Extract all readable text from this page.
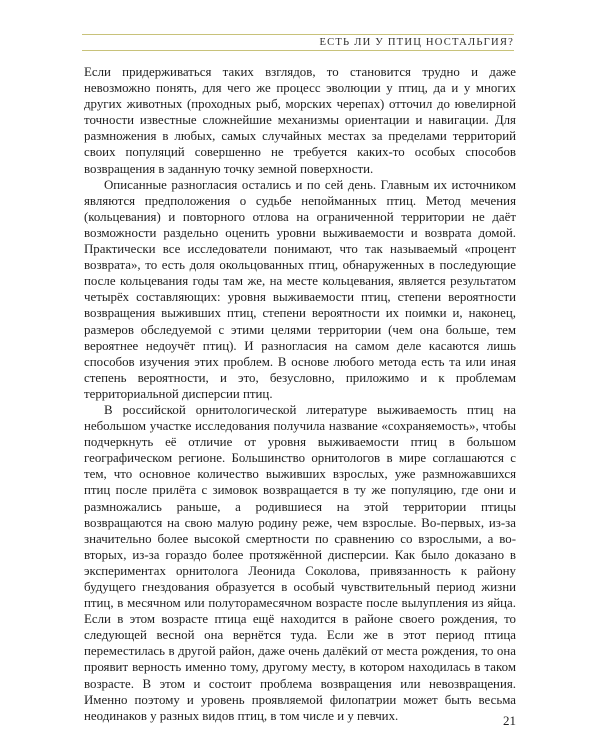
ЕСТЬ ЛИ У ПТИЦ НОСТАЛЬГИЯ?

Если придерживаться таких взглядов, то становится трудно и даже невозможно понять, для чего же процесс эволюции у птиц, да и у многих других животных (проходных рыб, морских черепах) отточил до ювелирной точности известные сложнейшие механизмы ориентации и навигации. Для размножения в любых, самых случайных местах за пределами территорий своих популяций совершенно не требуется каких-то особых способов возвращения в заданную точку земной поверхности.

Описанные разногласия остались и по сей день. Главным их источником являются предположения о судьбе непойманных птиц. Метод мечения (кольцевания) и повторного отлова на ограниченной территории не даёт возможности раздельно оценить уровни выживаемости и возврата домой. Практически все исследователи понимают, что так называемый «процент возврата», то есть доля окольцованных птиц, обнаруженных в последующие после кольцевания годы там же, на месте кольцевания, является результатом четырёх составляющих: уровня выживаемости птиц, степени вероятности возвращения выживших птиц, степени вероятности их поимки и, наконец, размеров обследуемой с этими целями территории (чем она больше, тем вероятнее недоучёт птиц). И разногласия на самом деле касаются лишь способов изучения этих проблем. В основе любого метода есть та или иная степень вероятности, и это, безусловно, приложимо и к проблемам территориальной дисперсии птиц.

В российской орнитологической литературе выживаемость птиц на небольшом участке исследования получила название «сохраняемость», чтобы подчеркнуть её отличие от уровня выживаемости птиц в большом географическом регионе. Большинство орнитологов в мире соглашаются с тем, что основное количество выживших взрослых, уже размножавшихся птиц после прилёта с зимовок возвращается в ту же популяцию, где они и размножались раньше, а родившиеся на этой территории птицы возвращаются на свою малую родину реже, чем взрослые. Во-первых, из-за значительно более высокой смертности по сравнению со взрослыми, а во-вторых, из-за гораздо более протяжённой дисперсии. Как было доказано в экспериментах орнитолога Леонида Соколова, привязанность к району будущего гнездования образуется в особый чувствительный период жизни птиц, в месячном или полуторамесячном возрасте после вылупления из яйца. Если в этом возрасте птица ещё находится в районе своего рождения, то следующей весной она вернётся туда. Если же в этот период птица переместилась в другой район, даже очень далёкий от места рождения, то она проявит верность именно тому, другому месту, в котором находилась в таком возрасте. В этом и состоит проблема возвращения или невозвращения. Именно поэтому и уровень проявляемой филопатрии может быть весьма неодинаков у разных видов птиц, в том числе и у певчих.	21
